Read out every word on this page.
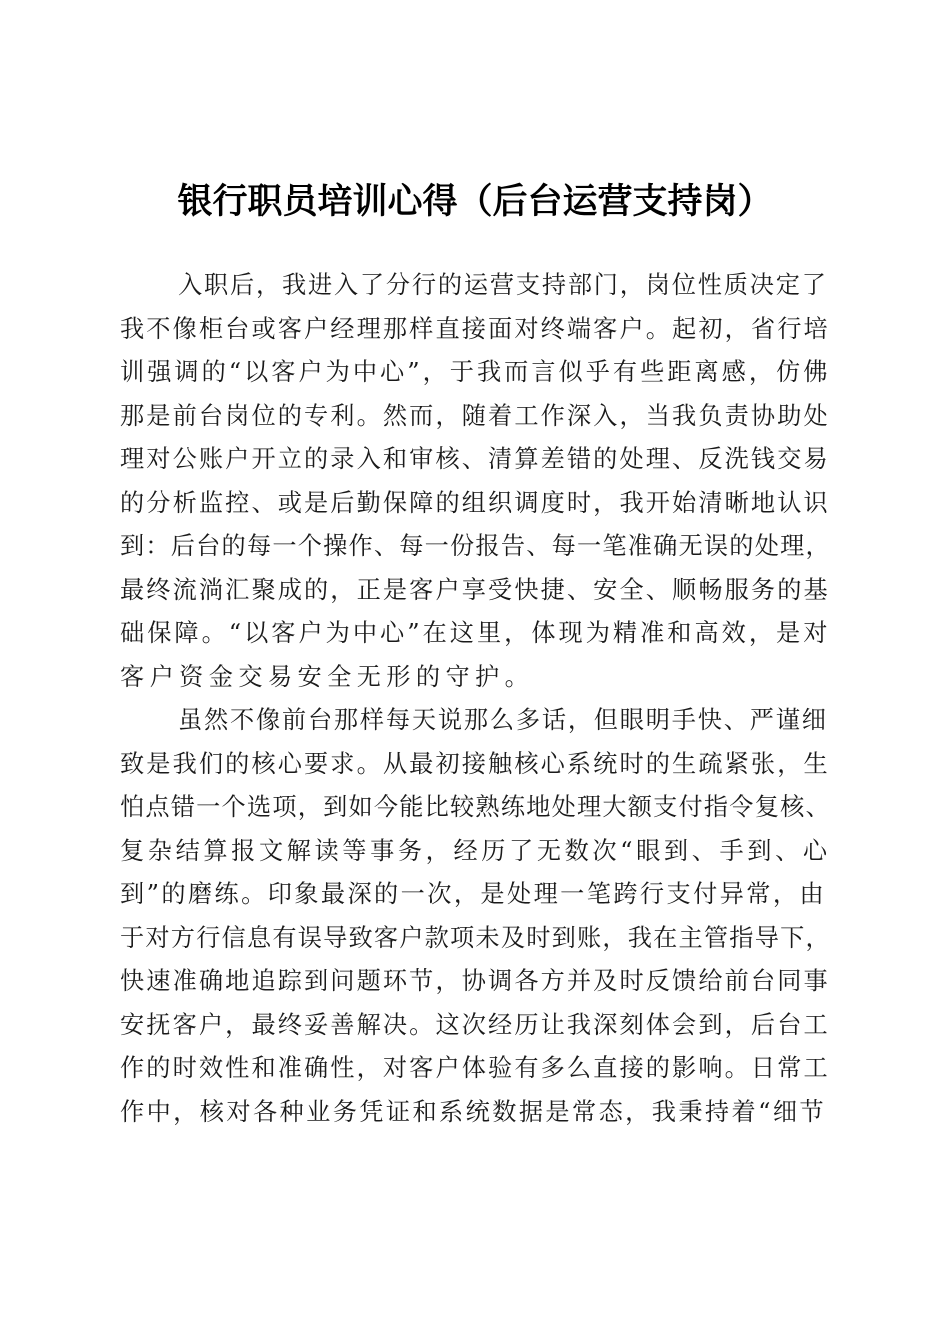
银行职员培训心得（后台运营支持岗）
入职后，我进入了分行的运营支持部门，岗位性质决定了
我不像柜台或客户经理那样直接面对终端客户。起初，省行培
训强调的“以客户为中心”，于我而言似乎有些距离感，仿佛
那是前台岗位的专利。然而，随着工作深入，当我负责协助处
理对公账户开立的录入和审核、清算差错的处理、反洗钱交易
的分析监控、或是后勤保障的组织调度时，我开始清晰地认识
到：后台的每一个操作、每一份报告、每一笔准确无误的处理，
最终流淌汇聚成的，正是客户享受快捷、安全、顺畅服务的基
础保障。“以客户为中心”在这里，体现为精准和高效，是对
客户资金交易安全无形的守护。
虽然不像前台那样每天说那么多话，但眼明手快、严谨细
致是我们的核心要求。从最初接触核心系统时的生疏紧张，生
怕点错一个选项，到如今能比较熟练地处理大额支付指令复核、
复杂结算报文解读等事务，经历了无数次“眼到、手到、心
到”的磨练。印象最深的一次，是处理一笔跨行支付异常，由
于对方行信息有误导致客户款项未及时到账，我在主管指导下，
快速准确地追踪到问题环节，协调各方并及时反馈给前台同事
安抚客户，最终妥善解决。这次经历让我深刻体会到，后台工
作的时效性和准确性，对客户体验有多么直接的影响。日常工
作中，核对各种业务凭证和系统数据是常态，我秉持着“细节
